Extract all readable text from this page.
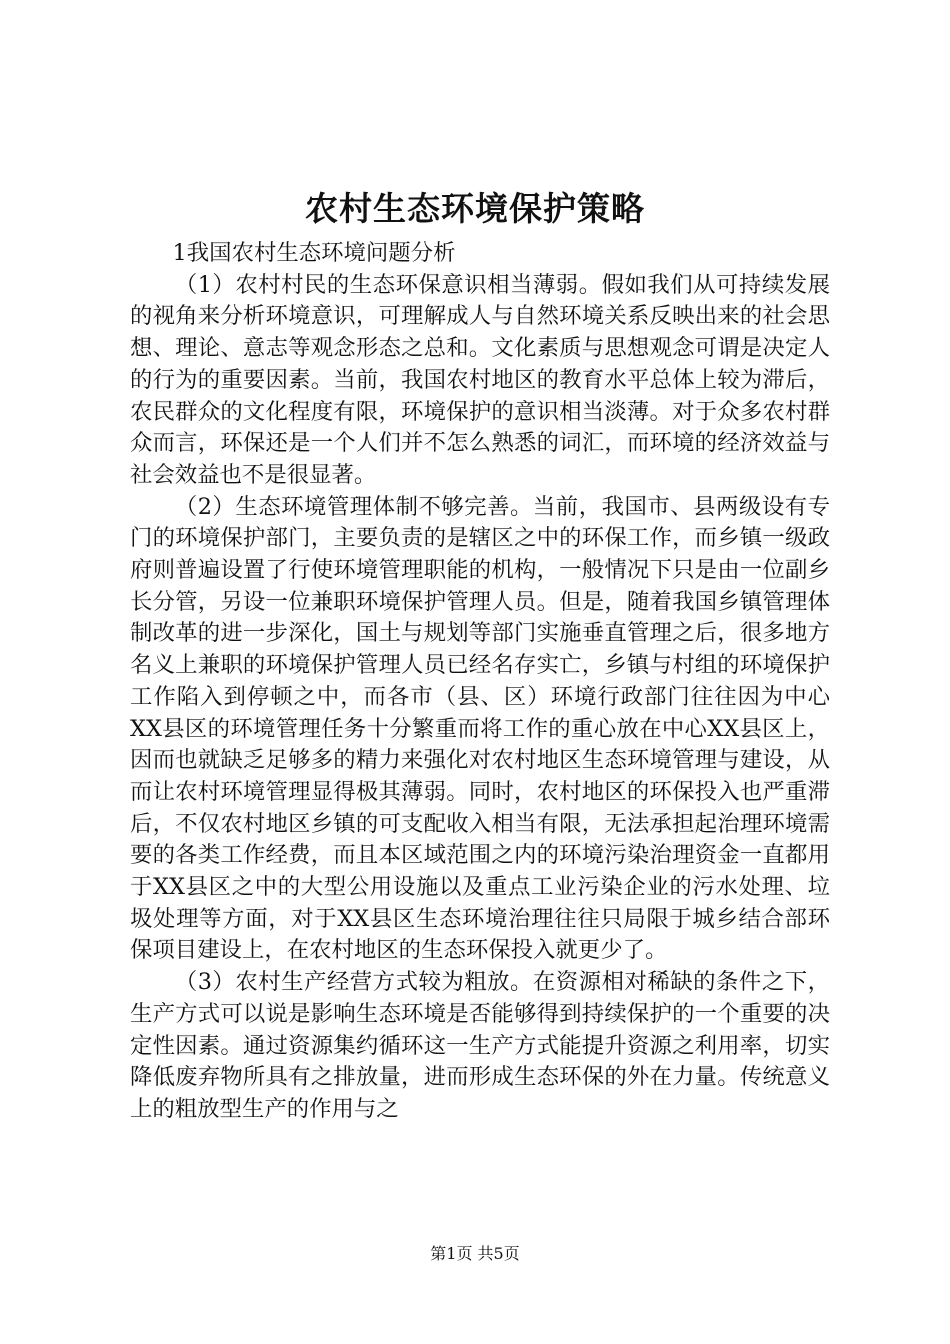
农村生态环境保护策略

1我国农村生态环境问题分析

（1）农村村民的生态环保意识相当薄弱。假如我们从可持续发展的视角来分析环境意识，可理解成人与自然环境关系反映出来的社会思想、理论、意志等观念形态之总和。文化素质与思想观念可谓是决定人的行为的重要因素。当前，我国农村地区的教育水平总体上较为滞后，农民群众的文化程度有限，环境保护的意识相当淡薄。对于众多农村群众而言，环保还是一个人们并不怎么熟悉的词汇，而环境的经济效益与社会效益也不是很显著。

（2）生态环境管理体制不够完善。当前，我国市、县两级设有专门的环境保护部门，主要负责的是辖区之中的环保工作，而乡镇一级政府则普遍设置了行使环境管理职能的机构，一般情况下只是由一位副乡长分管，另设一位兼职环境保护管理人员。但是，随着我国乡镇管理体制改革的进一步深化，国土与规划等部门实施垂直管理之后，很多地方名义上兼职的环境保护管理人员已经名存实亡，乡镇与村组的环境保护工作陷入到停顿之中，而各市（县、区）环境行政部门往往因为中心XX县区的环境管理任务十分繁重而将工作的重心放在中心XX县区上，因而也就缺乏足够多的精力来强化对农村地区生态环境管理与建设，从而让农村环境管理显得极其薄弱。同时，农村地区的环保投入也严重滞后，不仅农村地区乡镇的可支配收入相当有限，无法承担起治理环境需要的各类工作经费，而且本区域范围之内的环境污染治理资金一直都用于XX县区之中的大型公用设施以及重点工业污染企业的污水处理、垃圾处理等方面，对于XX县区生态环境治理往往只局限于城乡结合部环保项目建设上，在农村地区的生态环保投入就更少了。

（3）农村生产经营方式较为粗放。在资源相对稀缺的条件之下，生产方式可以说是影响生态环境是否能够得到持续保护的一个重要的决定性因素。通过资源集约循环这一生产方式能提升资源之利用率，切实降低废弃物所具有之排放量，进而形成生态环保的外在力量。传统意义上的粗放型生产的作用与之

第1页 共5页
